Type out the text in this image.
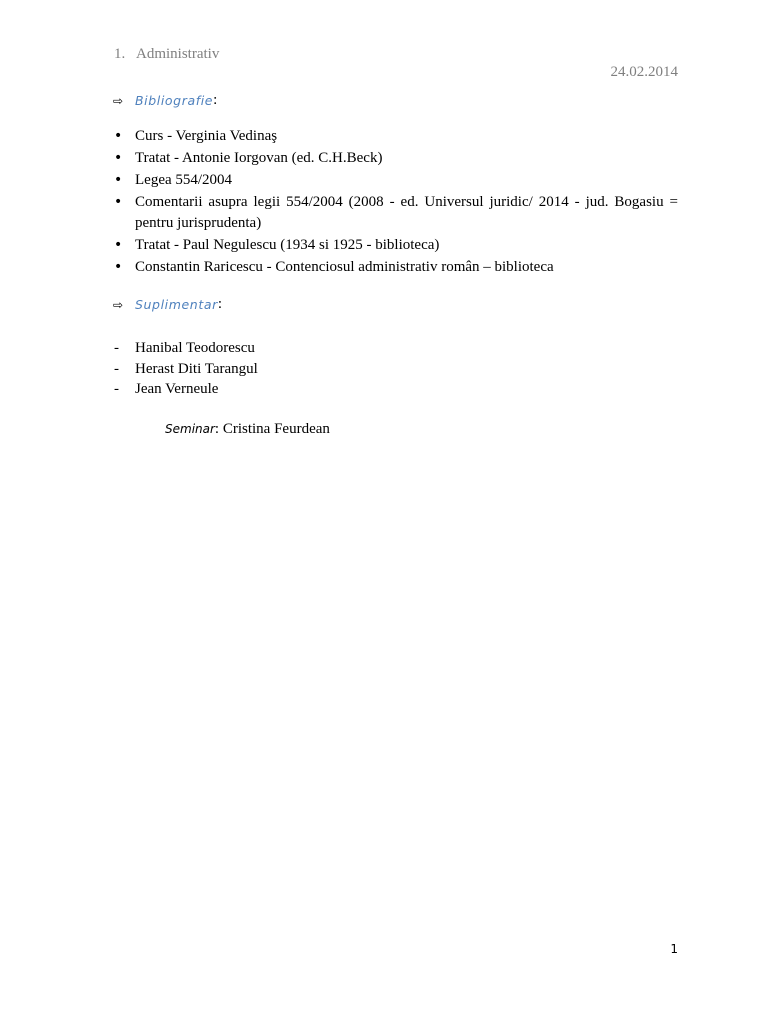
1. Administrativ
24.02.2014
⇨ Bibliografie :
• Curs - Verginia Vedinaş
• Tratat - Antonie Iorgovan (ed. C.H.Beck)
• Legea 554/2004
• Comentarii asupra legii 554/2004 (2008 - ed. Universul juridic/ 2014 - jud. Bogasiu = pentru jurisprudenta)
• Tratat - Paul Negulescu (1934 si 1925 - biblioteca)
• Constantin Raricescu - Contenciosul administrativ român – biblioteca
⇨ Suplimentar :
- Hanibal Teodorescu
- Herast Diti Tarangul
- Jean Verneule
Seminar: Cristina Feurdean
1
